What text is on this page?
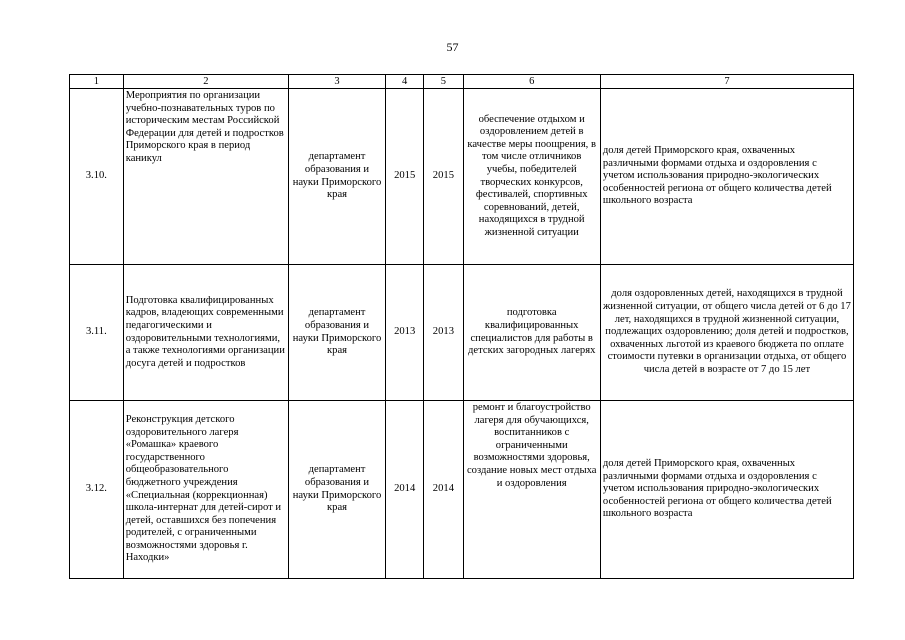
57
1	2	3	4	5	6	7
3.10.	Мероприятия по организации учебно-познавательных туров по историческим местам Российской Федерации для детей и подростков Приморского края в период каникул	департамент образования и науки Приморского края	2015	2015	обеспечение отдыхом и оздоровлением детей в качестве меры поощрения, в том числе отличников учебы, победителей творческих конкурсов, фестивалей, спортивных соревнований, детей, находящихся в трудной жизненной ситуации	доля детей Приморского края, охваченных различными формами отдыха и оздоровления с учетом использования природно-экологических особенностей региона от общего количества детей школьного возраста
3.11.	Подготовка квалифицированных кадров, владеющих современными педагогическими и оздоровительными технологиями, а также технологиями организации досуга детей и подростков	департамент образования и науки Приморского края	2013	2013	подготовка квалифицированных специалистов для работы в детских загородных лагерях	доля оздоровленных детей, находящихся в трудной жизненной ситуации, от общего числа детей от 6 до 17 лет, находящихся в трудной жизненной ситуации, подлежащих оздоровлению; доля детей и подростков, охваченных льготой из краевого бюджета по оплате стоимости путевки в организации отдыха, от общего числа детей в возрасте от 7 до 15 лет
3.12.	Реконструкция детского оздоровительного лагеря «Ромашка» краевого государственного общеобразовательного бюджетного учреждения «Специальная (коррекционная) школа-интернат для детей-сирот и детей, оставшихся без попечения родителей, с ограниченными возможностями здоровья г. Находки»	департамент образования и науки Приморского края	2014	2014	ремонт и благоустройство лагеря для обучающихся, воспитанников с ограниченными возможностями здоровья, создание новых мест отдыха и оздоровления	доля детей Приморского края, охваченных различными формами отдыха и оздоровления с учетом использования природно-экологических особенностей региона от общего количества детей школьного возраста
